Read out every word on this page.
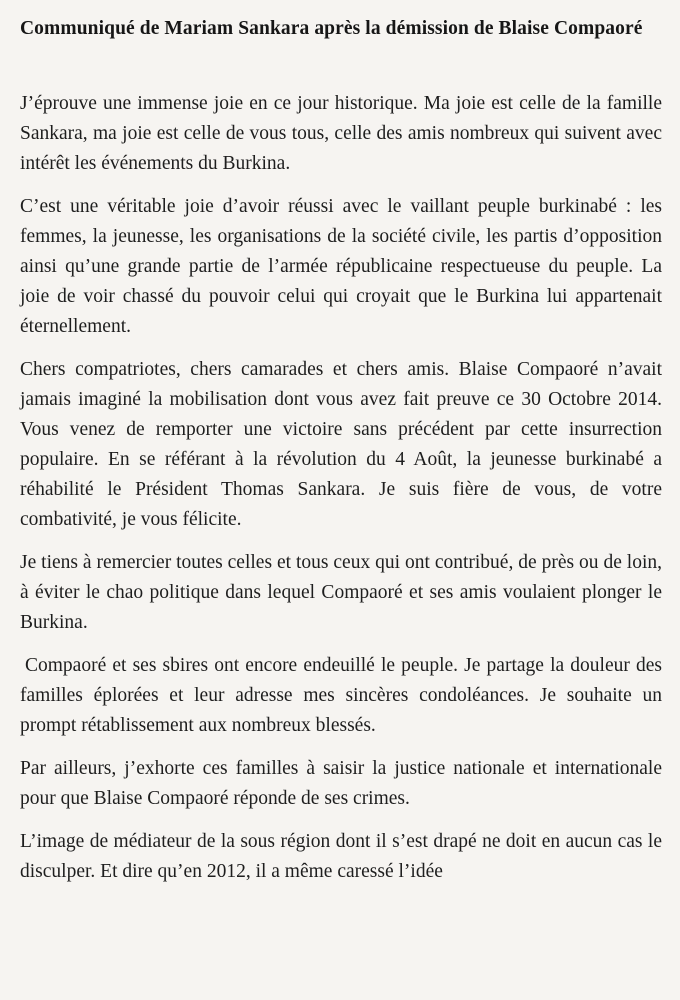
Communiqué de Mariam Sankara après la démission de Blaise Compaoré

J’éprouve une immense joie en ce jour historique. Ma joie est celle de la famille Sankara, ma joie est celle de vous tous, celle des amis nombreux qui suivent avec intérêt les événements du Burkina.

C’est une véritable joie d’avoir réussi avec le vaillant peuple burkinabé : les femmes, la jeunesse, les organisations de la société civile, les partis d’opposition ainsi qu’une grande partie de l’armée républicaine respectueuse du peuple. La joie de voir chassé du pouvoir celui qui croyait que le Burkina lui appartenait éternellement.

Chers compatriotes, chers camarades et chers amis. Blaise Compaoré n’avait jamais imaginé la mobilisation dont vous avez fait preuve ce 30 Octobre 2014. Vous venez de remporter une victoire sans précédent par cette insurrection populaire. En se référant à la révolution du 4 Août, la jeunesse burkinabé a réhabilité le Président Thomas Sankara. Je suis fière de vous, de votre combativité, je vous félicite.

Je tiens à remercier toutes celles et tous ceux qui ont contribué, de près ou de loin, à éviter le chao politique dans lequel Compaoré et ses amis voulaient plonger le Burkina.

Compaoré et ses sbires ont encore endeuillé le peuple. Je partage la douleur des familles éplorées et leur adresse mes sincères condoléances. Je souhaite un prompt rétablissement aux nombreux blessés.

Par ailleurs, j’exhorte ces familles à saisir la justice nationale et internationale pour que Blaise Compaoré réponde de ses crimes.

L’image de médiateur de la sous région dont il s’est drapé ne doit en aucun cas le disculper. Et dire qu’en 2012, il a même caressé l’idée
